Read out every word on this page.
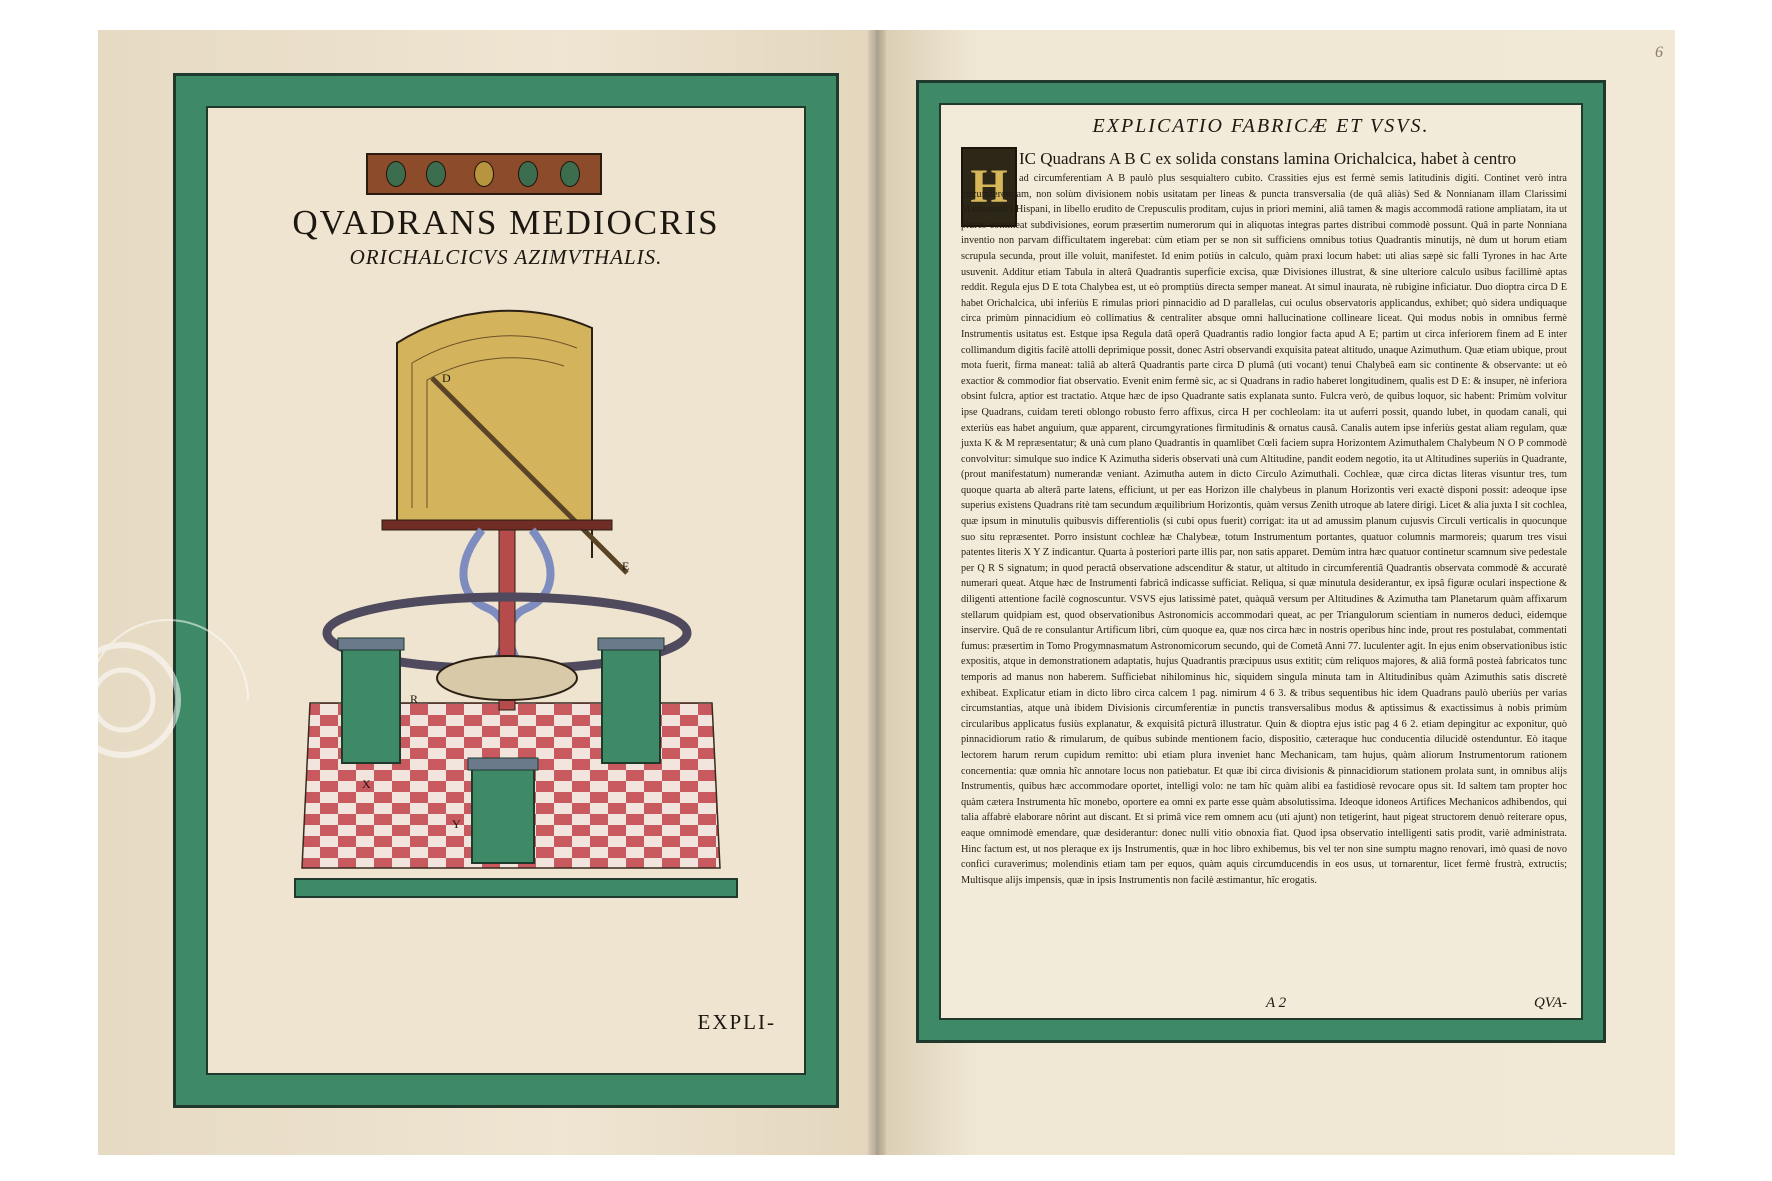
QVADRANS MEDIOCRIS
ORICHALCICVS AZIMVTHALIS.
D
E
R
Y
X
EXPLI-
6
EXPLICATIO FABRICÆ ET VSVS.
H
IC Quadrans A B C ex solida constans lamina Orichalcica, habet à centro
ad circumferentiam A B paulò plus sesquialtero cubito. Crassities ejus est fermè semis latitudinis digiti. Continet verò intra circumferentiam, non solùm divisionem nobis usitatam per lineas & puncta transversalia (de quâ aliàs) Sed & Nonnianam illam Clarissimi Mathematici Hispani, in libello erudito de Crepusculis proditam, cujus in priori memini, aliâ tamen & magis accommodâ ratione ampliatam, ita ut plures contineat subdivisiones, eorum præsertim numerorum qui in aliquotas integras partes distribui commodè possunt. Quâ in parte Nonniana inventio non parvam difficultatem ingerebat: cùm etiam per se non sit sufficiens omnibus totius Quadrantis minutijs, nè dum ut horum etiam scrupula secunda, prout ille voluit, manifestet. Id enim potiùs in calculo, quàm praxi locum habet: uti alias sæpè sic falli Tyrones in hac Arte usuvenit. Additur etiam Tabula in alterâ Quadrantis superficie excisa, quæ Divisiones illustrat, & sine ulteriore calculo usibus facillimè aptas reddit. Regula ejus D E tota Chalybea est, ut eò promptiùs directa semper maneat. At simul inaurata, nè rubigine inficiatur. Duo dioptra circa D E habet Orichalcica, ubi inferiùs E rimulas priori pinnacidio ad D parallelas, cui oculus observatoris applicandus, exhibet; quò sidera undiquaque circa primùm pinnacidium eò collimatius & centraliter absque omni hallucinatione collineare liceat. Qui modus nobis in omnibus fermè Instrumentis usitatus est. Estque ipsa Regula datâ operâ Quadrantis radio longior facta apud A E; partim ut circa inferiorem finem ad E inter collimandum digitis facilè attolli deprimique possit, donec Astri observandi exquisita pateat altitudo, unaque Azimuthum. Quæ etiam ubique, prout mota fuerit, firma maneat: taliâ ab alterâ Quadrantis parte circa D plumâ (uti vocant) tenui Chalybeâ eam sic continente & observante: ut eò exactior & commodior fiat observatio. Evenit enim fermè sic, ac si Quadrans in radio haberet longitudinem, qualis est D E: & insuper, nè inferiora obsint fulcra, aptior est tractatio. Atque hæc de ipso Quadrante satis explanata sunto. Fulcra verò, de quibus loquor, sic habent: Primùm volvitur ipse Quadrans, cuidam tereti oblongo robusto ferro affixus, circa H per cochleolam: ita ut auferri possit, quando lubet, in quodam canali, qui exteriùs eas habet anguium, quæ apparent, circumgyrationes firmitudinis & ornatus causâ. Canalis autem ipse inferiùs gestat aliam regulam, quæ juxta K & M repræsentatur; & unà cum plano Quadrantis in quamlibet Cœli faciem supra Horizontem Azimuthalem Chalybeum N O P commodè convolvitur: simulque suo indice K Azimutha sideris observati unà cum Altitudine, pandit eodem negotio, ita ut Altitudines superiùs in Quadrante, (prout manifestatum) numerandæ veniant. Azimutha autem in dicto Circulo Azimuthali. Cochleæ, quæ circa dictas literas visuntur tres, tum quoque quarta ab alterâ parte latens, efficiunt, ut per eas Horizon ille chalybeus in planum Horizontis veri exactè disponi possit: adeoque ipse superius existens Quadrans ritè tam secundum æquilibrium Horizontis, quàm versus Zenith utroque ab latere dirigi. Licet & alia juxta I sit cochlea, quæ ipsum in minutulis quibusvis differentiolis (si cubi opus fuerit) corrigat: ita ut ad amussim planum cujusvis Circuli verticalis in quocunque suo situ repræsentet. Porro insistunt cochleæ hæ Chalybeæ, totum Instrumentum portantes, quatuor columnis marmoreis; quarum tres visui patentes literis X Y Z indicantur. Quarta à posteriori parte illis par, non satis apparet. Demùm intra hæc quatuor continetur scamnum sive pedestale per Q R S signatum; in quod peractâ observatione adscenditur & statur, ut altitudo in circumferentiâ Quadrantis observata commodè & accuratè numerari queat. Atque hæc de Instrumenti fabricâ indicasse sufficiat. Reliqua, si quæ minutula desiderantur, ex ipsâ figuræ oculari inspectione & diligenti attentione facilè cognoscuntur. VSVS ejus latissimè patet, quàquâ versum per Altitudines & Azimutha tam Planetarum quàm affixarum stellarum quidpiam est, quod observationibus Astronomicis accommodari queat, ac per Triangulorum scientiam in numeros deduci, eidemque inservire. Quâ de re consulantur Artificum libri, cùm quoque ea, quæ nos circa hæc in nostris operibus hinc inde, prout res postulabat, commentati fumus: præsertim in Tomo Progymnasmatum Astronomicorum secundo, qui de Cometâ Anni 77. luculenter agit. In ejus enim observationibus istic expositis, atque in demonstrationem adaptatis, hujus Quadrantis præcipuus usus extitit; cùm reliquos majores, & aliâ formâ posteà fabricatos tunc temporis ad manus non haberem. Sufficiebat nihilominus hic, siquidem singula minuta tam in Altitudinibus quàm Azimuthis satis discretè exhibeat. Explicatur etiam in dicto libro circa calcem 1 pag. nimirum 4 6 3. & tribus sequentibus hic idem Quadrans paulò uberiùs per varias circumstantias, atque unà ibidem Divisionis circumferentiæ in punctis transversalibus modus & aptissimus & exactissimus à nobis primùm circularibus applicatus fusiùs explanatur, & exquisitâ picturâ illustratur. Quin & dioptra ejus istic pag 4 6 2. etiam depingitur ac exponitur, quò pinnacidiorum ratio & rimularum, de quibus subinde mentionem facio, dispositio, cæteraque huc conducentia dilucidè ostenduntur. Eò itaque lectorem harum rerum cupidum remitto: ubi etiam plura inveniet hanc Mechanicam, tam hujus, quàm aliorum Instrumentorum rationem concernentia: quæ omnia hîc annotare locus non patiebatur. Et quæ ibi circa divisionis & pinnacidiorum stationem prolata sunt, in omnibus alijs Instrumentis, quibus hæc accommodare oportet, intelligi volo: ne tam hîc quàm alibi ea fastidiosè revocare opus sit. Id saltem tam propter hoc quàm cætera Instrumenta hîc monebo, oportere ea omni ex parte esse quàm absolutissima. Ideoque idoneos Artifices Mechanicos adhibendos, qui talia affabrè elaborare nôrint aut discant. Et si primâ vice rem omnem acu (uti ajunt) non tetigerint, haut pigeat structorem denuò reiterare opus, eaque omnimodè emendare, quæ desiderantur: donec nulli vitio obnoxia fiat. Quod ipsa observatio intelligenti satis prodit, variè administrata. Hinc factum est, ut nos pleraque ex ijs Instrumentis, quæ in hoc libro exhibemus, bis vel ter non sine sumptu magno renovari, imò quasi de novo confici curaverimus; molendinis etiam tam per equos, quàm aquis circumducendis in eos usus, ut tornarentur, licet fermè frustrà, extructis; Multisque alijs impensis, quæ in ipsis Instrumentis non facilè æstimantur, hîc erogatis.
A 2	QVA-
